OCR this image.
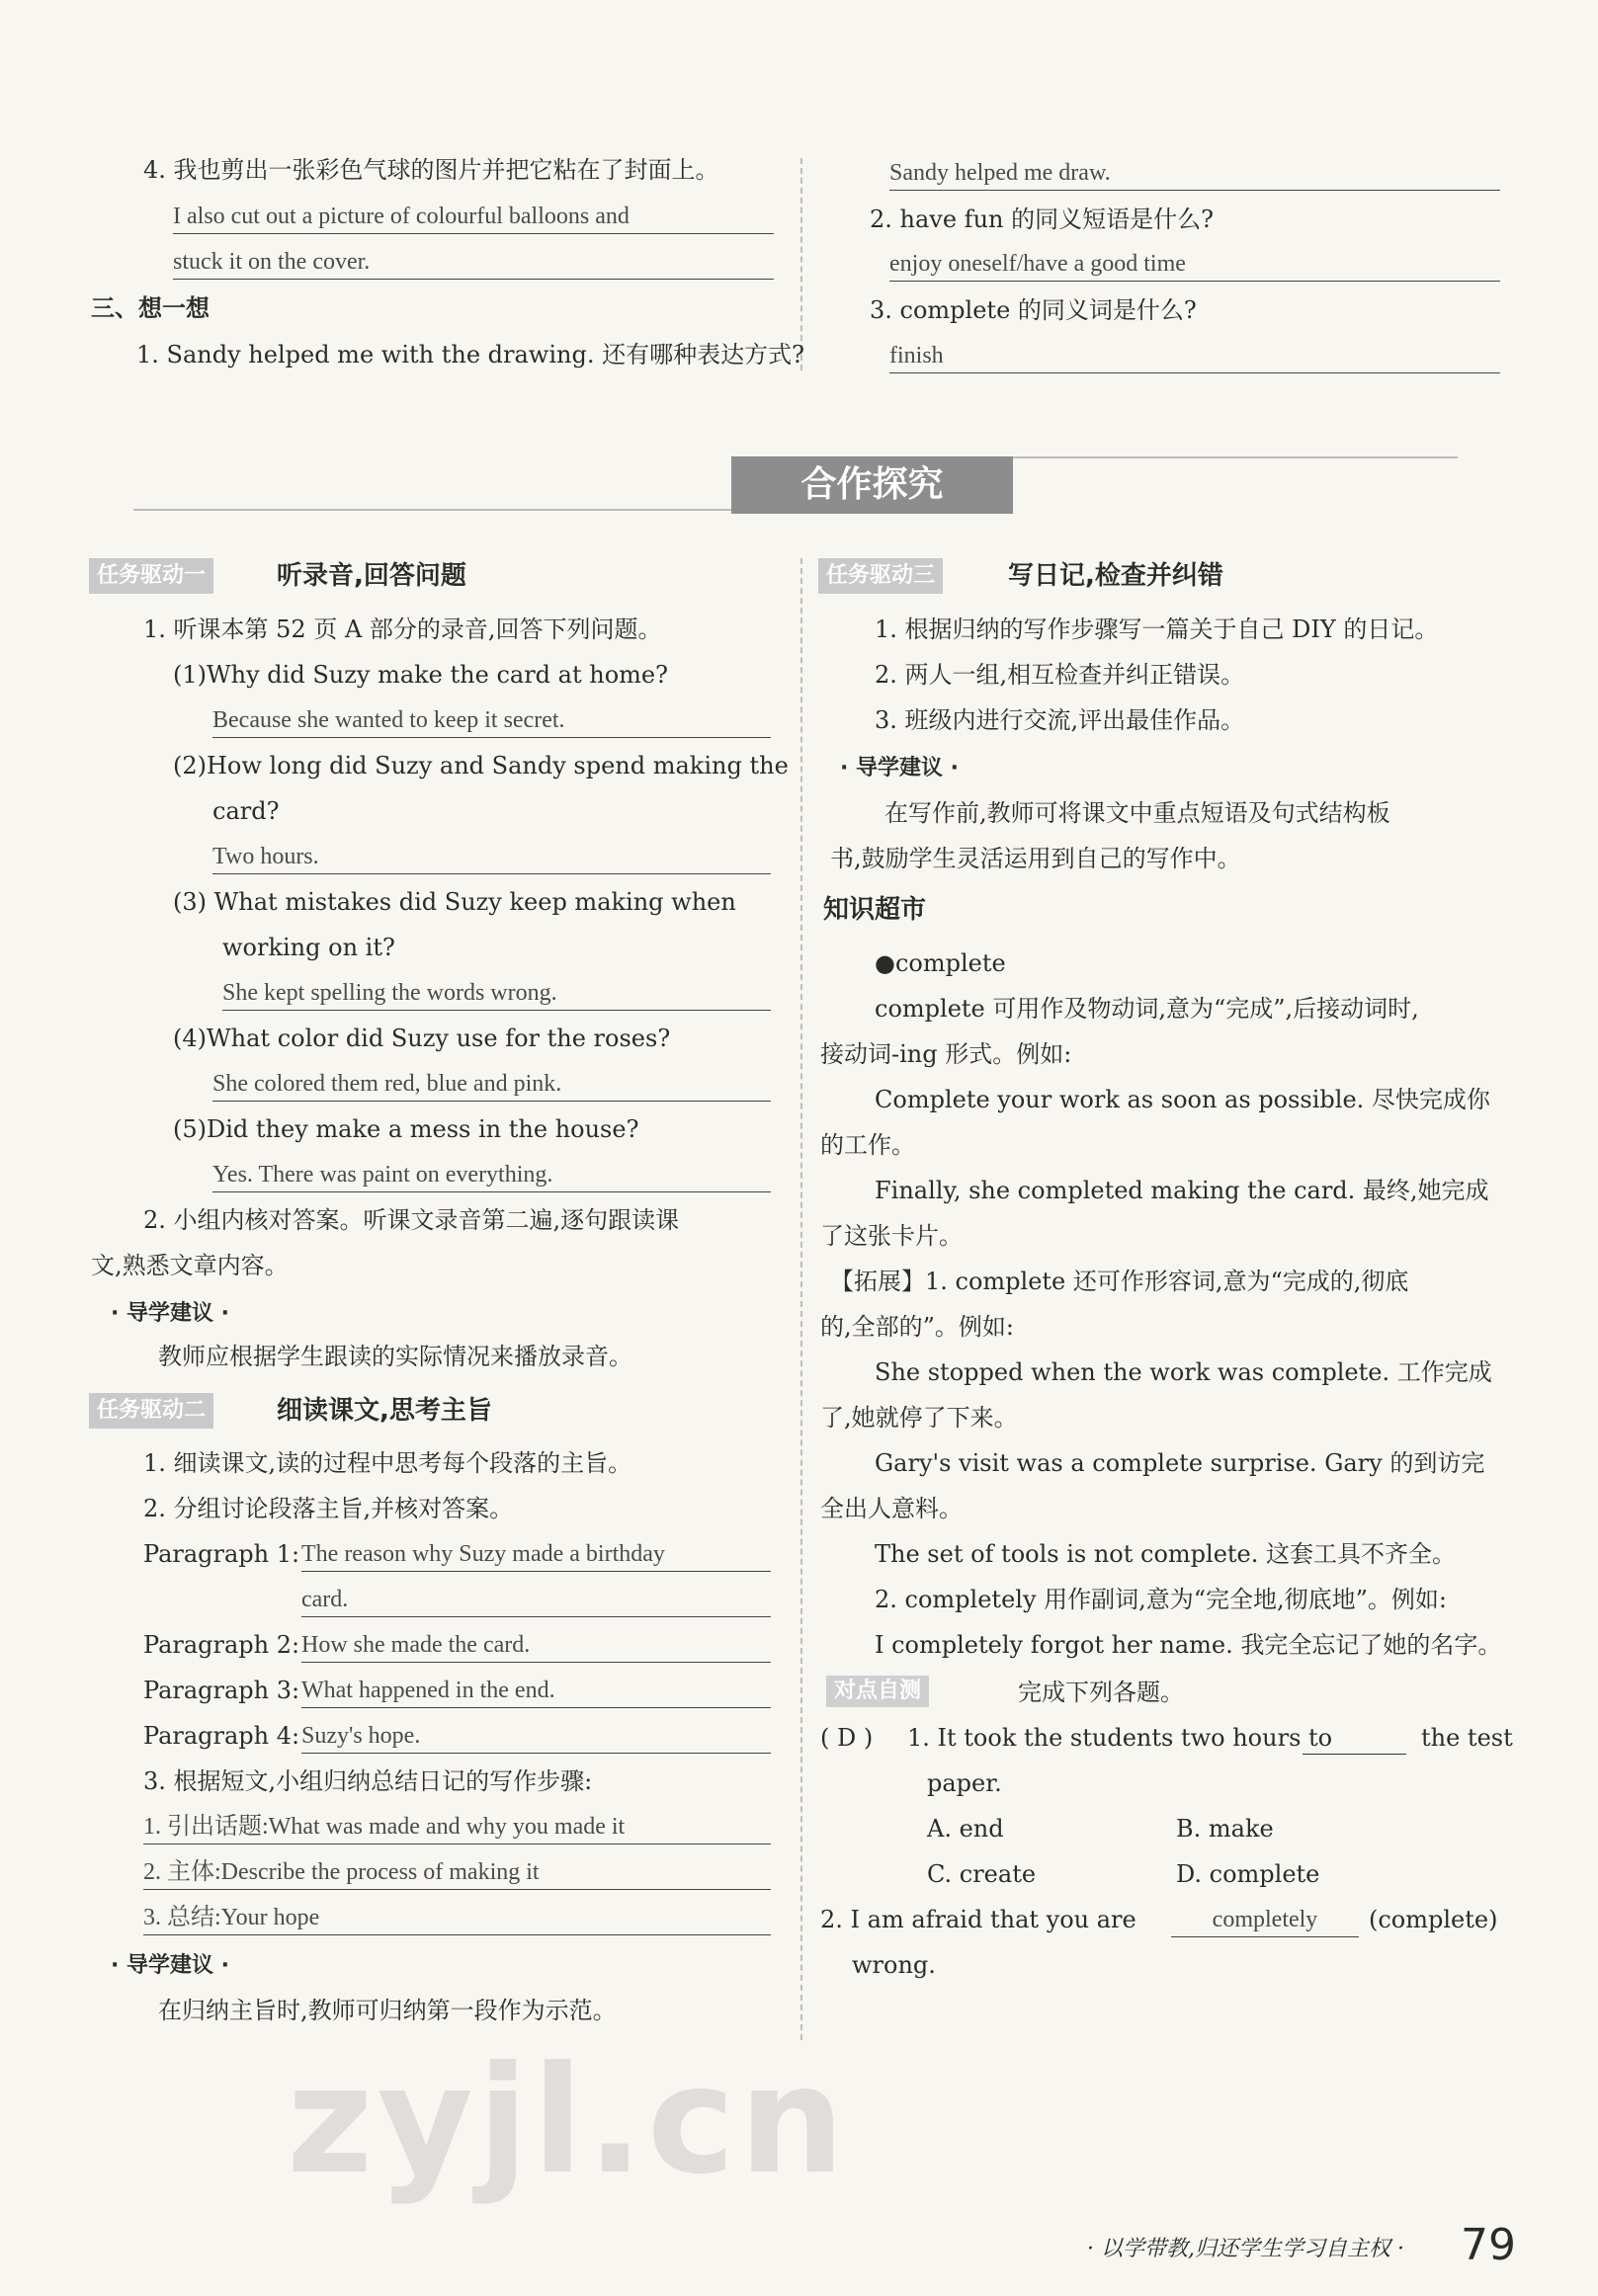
4. 我也剪出一张彩色气球的图片并把它粘在了封面上。
I also cut out a picture of colourful balloons and
stuck it on the cover.
三、想一想
1. Sandy helped me with the drawing. 还有哪种表达方式?
Sandy helped me draw.
2. have fun 的同义短语是什么?
enjoy oneself/have a good time
3. complete 的同义词是什么?
finish
合作探究
任务驱动一	听录音,回答问题
1. 听课本第 52 页 A 部分的录音,回答下列问题。
(1)Why did Suzy make the card at home?
Because she wanted to keep it secret.
(2)How long did Suzy and Sandy spend making the
card?
Two hours.
(3) What mistakes did Suzy keep making when
working on it?
She kept spelling the words wrong.
(4)What color did Suzy use for the roses?
She colored them red, blue and pink.
(5)Did they make a mess in the house?
Yes. There was paint on everything.
2. 小组内核对答案。听课文录音第二遍,逐句跟读课
文,熟悉文章内容。
· 导学建议 ·
教师应根据学生跟读的实际情况来播放录音。
任务驱动二	细读课文,思考主旨
1. 细读课文,读的过程中思考每个段落的主旨。
2. 分组讨论段落主旨,并核对答案。
Paragraph 1: The reason why Suzy made a birthday
card.
Paragraph 2: How she made the card.
Paragraph 3: What happened in the end.
Paragraph 4: Suzy's hope.
3. 根据短文,小组归纳总结日记的写作步骤:
1. 引出话题:What was made and why you made it
2. 主体:Describe the process of making it
3. 总结:Your hope
· 导学建议 ·
在归纳主旨时,教师可归纳第一段作为示范。
任务驱动三	写日记,检查并纠错
1. 根据归纳的写作步骤写一篇关于自己 DIY 的日记。
2. 两人一组,相互检查并纠正错误。
3. 班级内进行交流,评出最佳作品。
· 导学建议 ·
在写作前,教师可将课文中重点短语及句式结构板
书,鼓励学生灵活运用到自己的写作中。
知识超市
●complete
complete 可用作及物动词,意为“完成”,后接动词时,
接动词-ing 形式。例如:
Complete your work as soon as possible. 尽快完成你
的工作。
Finally, she completed making the card. 最终,她完成
了这张卡片。
【拓展】1. complete 还可作形容词,意为“完成的,彻底
的,全部的”。例如:
She stopped when the work was complete. 工作完成
了,她就停了下来。
Gary's visit was a complete surprise. Gary 的到访完
全出人意料。
The set of tools is not complete. 这套工具不齐全。
2. completely 用作副词,意为“完全地,彻底地”。例如:
I completely forgot her name. 我完全忘记了她的名字。
对点自测	完成下列各题。
( D ) 1. It took the students two hours to	the test
paper.
A. end	B. make
C. create	D. complete
2. I am afraid that you are	completely	(complete)
wrong.
zyjl.cn
· 以学带教,归还学生学习自主权 · 79
